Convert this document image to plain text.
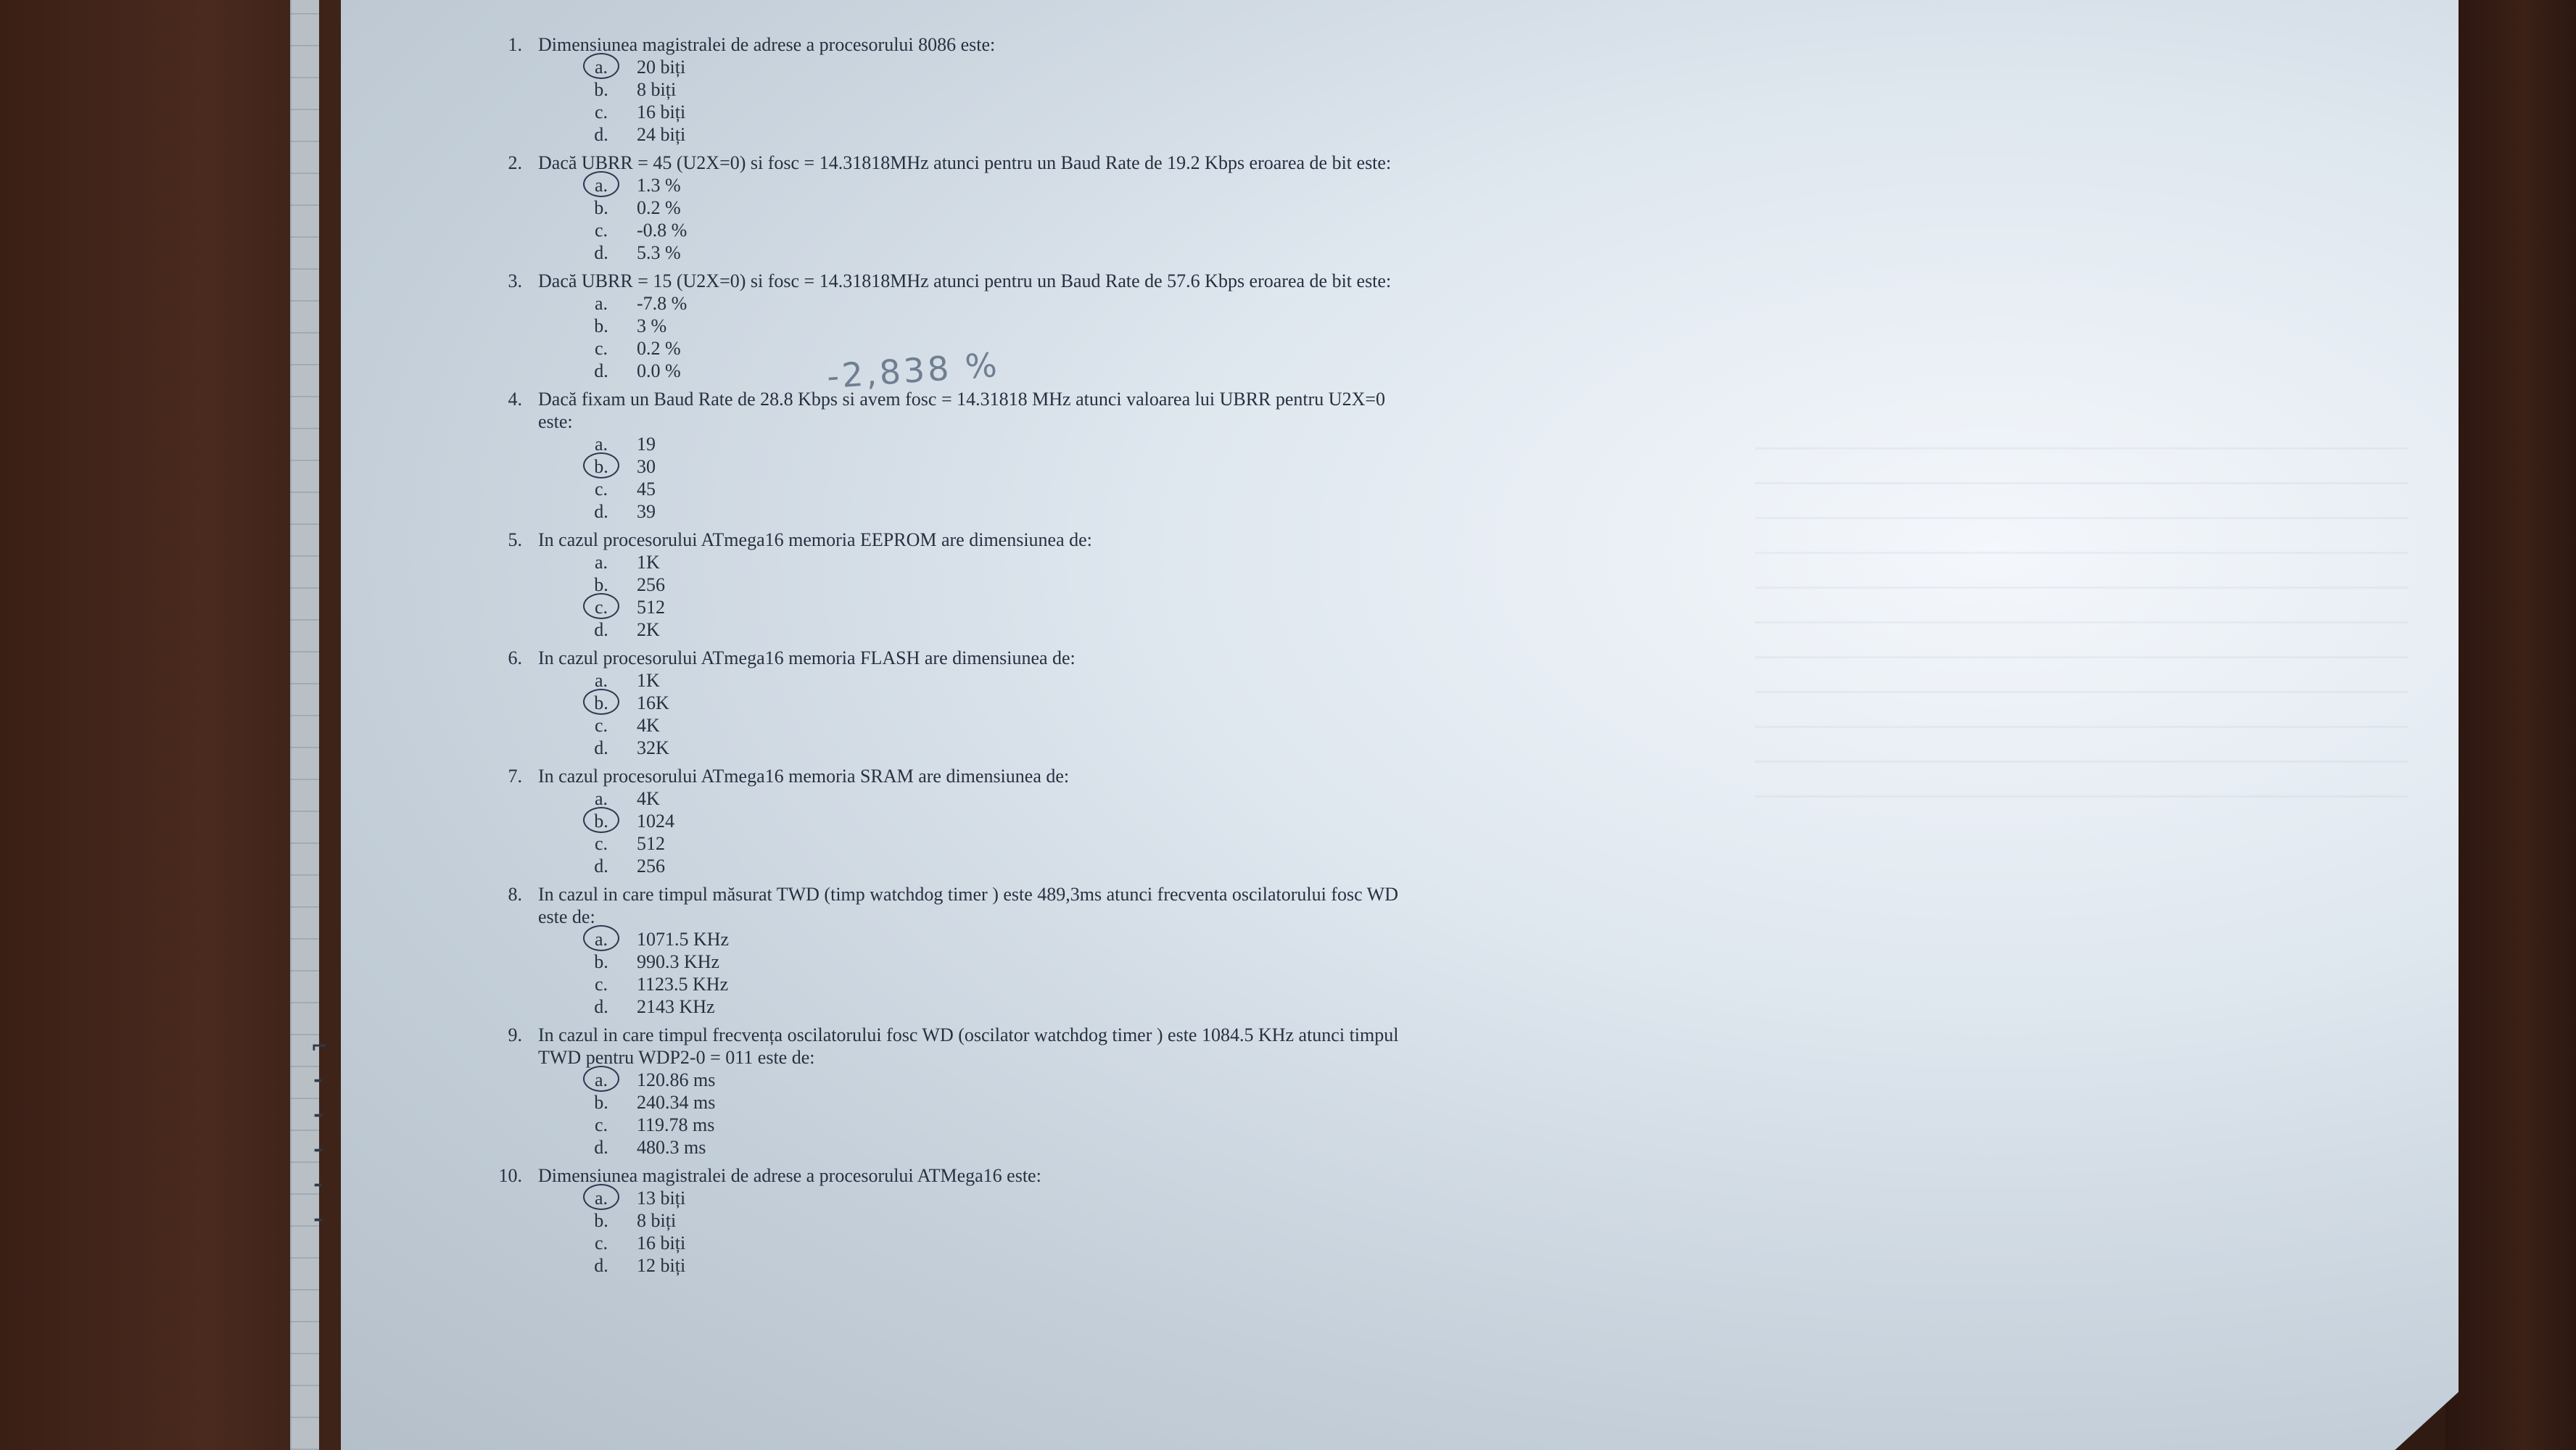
⌐
⁃
⁃
⁃
⁃
⁃
1. Dimensiunea magistralei de adrese a procesorului 8086 este:
a.	20 biți
b.	8 biți
c.	16 biți
d.	24 biți
2. Dacă UBRR = 45 (U2X=0) si fosc = 14.31818MHz atunci pentru un Baud Rate de 19.2 Kbps eroarea de bit este:
a.	1.3 %
b.	0.2 %
c.	-0.8 %
d.	5.3 %
3. Dacă UBRR = 15 (U2X=0) si fosc = 14.31818MHz atunci pentru un Baud Rate de 57.6 Kbps eroarea de bit este:
a.	-7.8 %
b.	3 %
c.	0.2 %
d.	0.0 %
4. Dacă fixam un Baud Rate de 28.8 Kbps si avem fosc = 14.31818 MHz atunci valoarea lui UBRR pentru U2X=0 este:
a.	19
b.	30
c.	45
d.	39
5. In cazul procesorului ATmega16 memoria EEPROM are dimensiunea de:
a.	1K
b.	256
c.	512
d.	2K
6. In cazul procesorului ATmega16 memoria FLASH are dimensiunea de:
a.	1K
b.	16K
c.	4K
d.	32K
7. In cazul procesorului ATmega16 memoria SRAM are dimensiunea de:
a.	4K
b.	1024
c.	512
d.	256
8. In cazul in care timpul măsurat TWD (timp watchdog timer ) este 489,3ms atunci frecventa oscilatorului fosc WD este de:
a.	1071.5 KHz
b.	990.3 KHz
c.	1123.5 KHz
d.	2143 KHz
9. In cazul in care timpul frecvența oscilatorului fosc WD (oscilator watchdog timer ) este 1084.5 KHz atunci timpul TWD pentru WDP2-0 = 011 este de:
a.	120.86 ms
b.	240.34 ms
c.	119.78 ms
d.	480.3 ms
10. Dimensiunea magistralei de adrese a procesorului ATMega16 este:
a.	13 biți
b.	8 biți
c.	16 biți
d.	12 biți
-2,838 %
